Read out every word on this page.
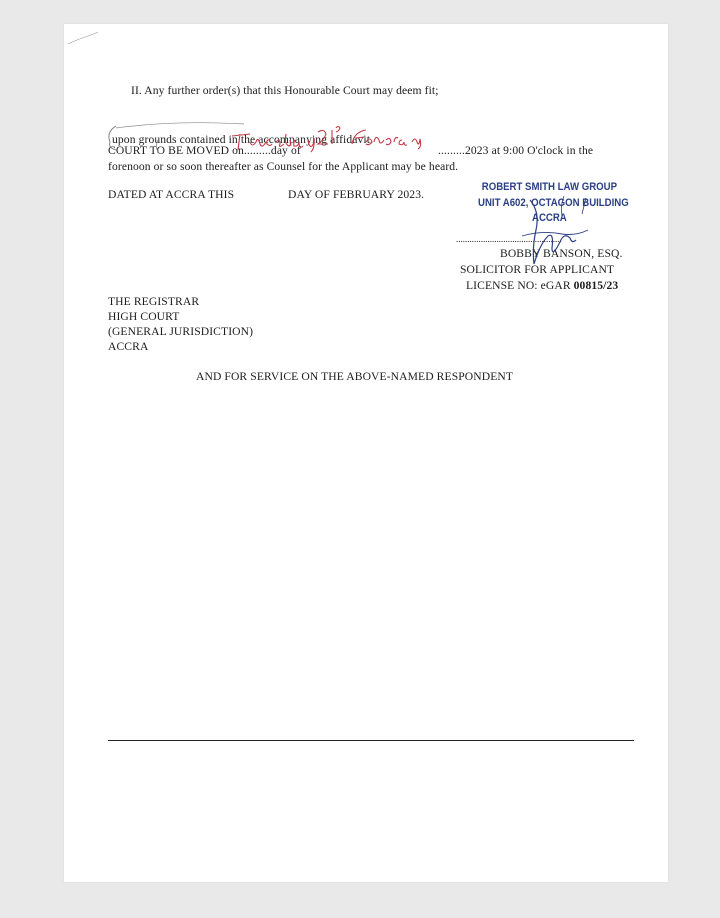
II. Any further order(s) that this Honourable Court may deem fit;
upon grounds contained in the accompanying affidavit.
COURT TO BE MOVED on.........day of	.........2023 at 9:00 O'clock in the
forenoon or so soon thereafter as Counsel for the Applicant may be heard.
DATED AT ACCRA THIS	DAY OF FEBRUARY 2023.
ROBERT SMITH LAW GROUP
UNIT A602, OCTAGON BUILDING
ACCRA
...............................................
BOBBY BANSON, ESQ.
SOLICITOR FOR APPLICANT
LICENSE NO: eGAR 00815/23
THE REGISTRAR
HIGH COURT
(GENERAL JURISDICTION)
ACCRA
AND FOR SERVICE ON THE ABOVE-NAMED RESPONDENT
